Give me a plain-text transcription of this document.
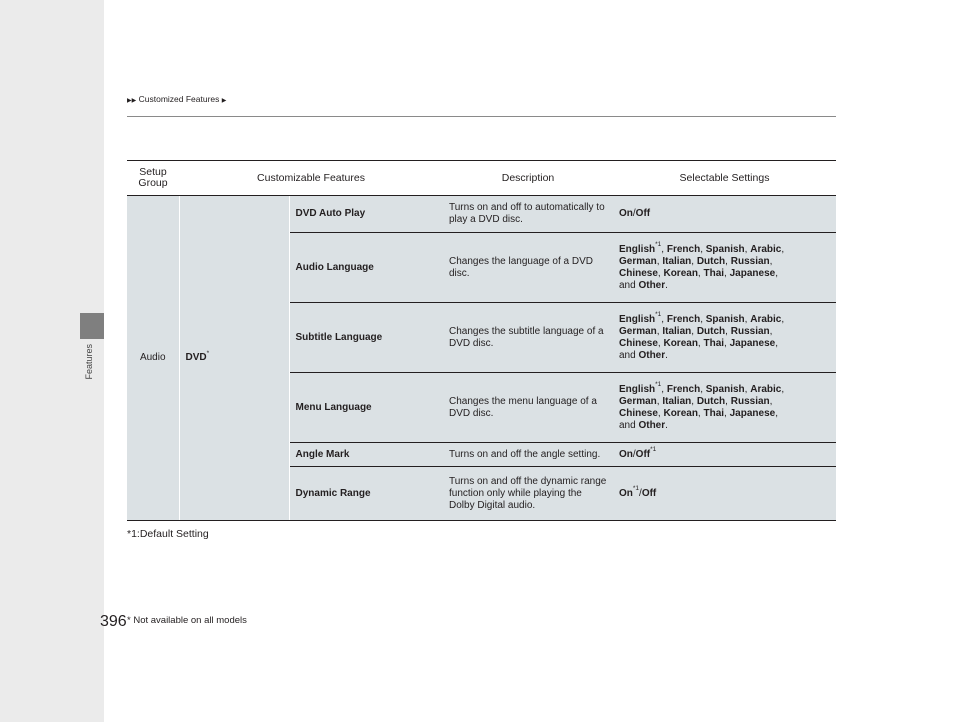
Features
▶▶ Customized Features ▶
Setup Group	Customizable Features		Description	Selectable Settings
Audio	DVD*	DVD Auto Play	Turns on and off to automatically to play a DVD disc.	On/Off
		Audio Language	Changes the language of a DVD disc.	English$^{*1}$, French, Spanish, Arabic,
German, Italian, Dutch, Russian,
Chinese, Korean, Thai, Japanese,
and Other.
		Subtitle Language	Changes the subtitle language of a DVD disc.	English$^{*1}$, French, Spanish, Arabic,
German, Italian, Dutch, Russian,
Chinese, Korean, Thai, Japanese,
and Other.
		Menu Language	Changes the menu language of a DVD disc.	English$^{*1}$, French, Spanish, Arabic,
German, Italian, Dutch, Russian,
Chinese, Korean, Thai, Japanese,
and Other.
		Angle Mark	Turns on and off the angle setting.	On/Off$^{*1}$
		Dynamic Range	Turns on and off the dynamic range function only while playing the Dolby Digital audio.	On$^{*1}$/Off
*1:Default Setting
396 * Not available on all models
